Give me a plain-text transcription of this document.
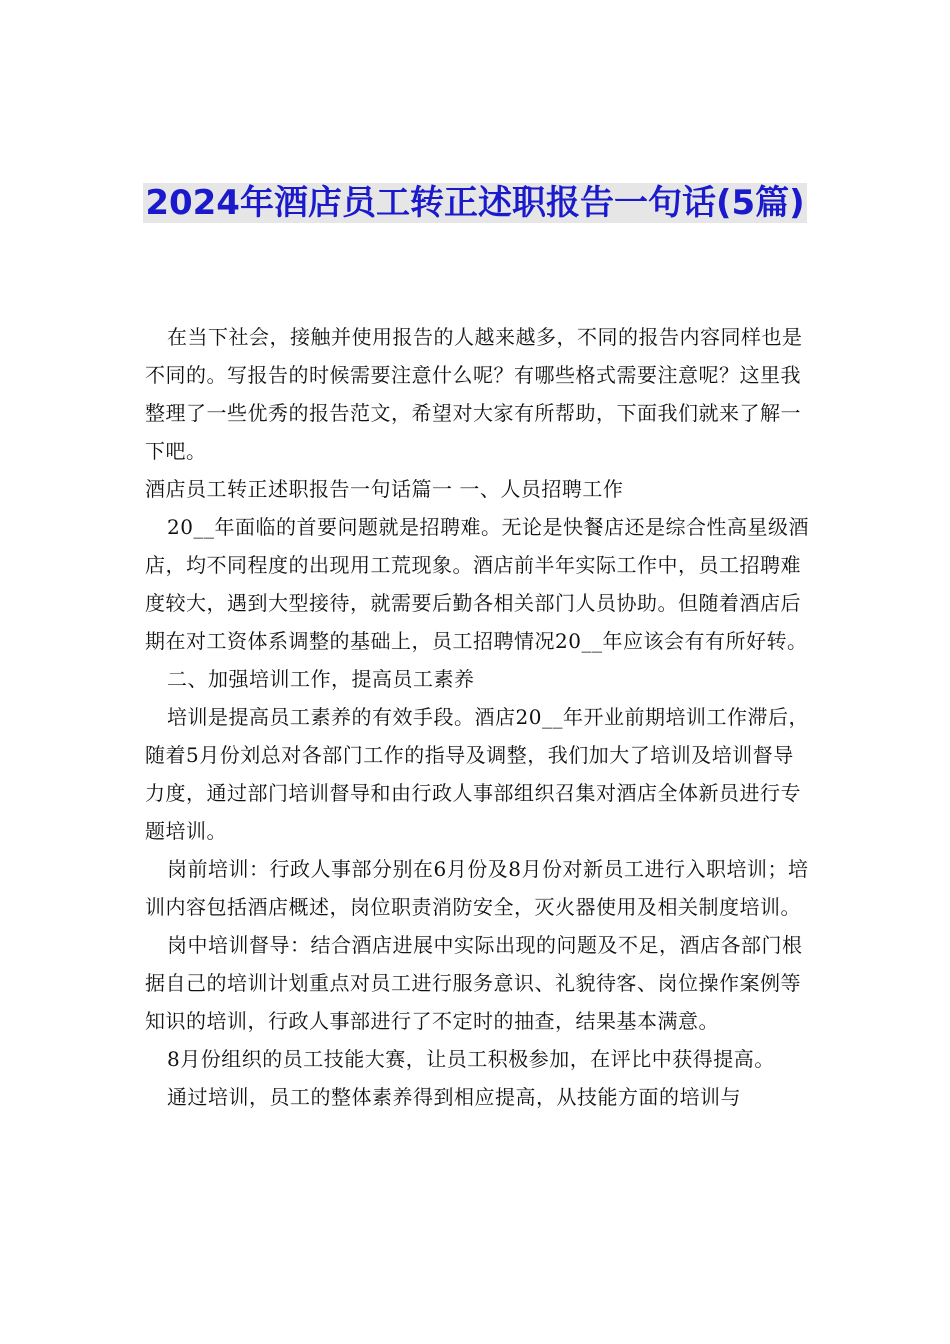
2024年酒店员工转正述职报告一句话(5篇)

在当下社会，接触并使用报告的人越来越多，不同的报告内容同样也是不同的。写报告的时候需要注意什么呢？有哪些格式需要注意呢？这里我整理了一些优秀的报告范文，希望对大家有所帮助，下面我们就来了解一下吧。

酒店员工转正述职报告一句话篇一 一、人员招聘工作

20__年面临的首要问题就是招聘难。无论是快餐店还是综合性高星级酒店，均不同程度的出现用工荒现象。酒店前半年实际工作中，员工招聘难度较大，遇到大型接待，就需要后勤各相关部门人员协助。但随着酒店后期在对工资体系调整的基础上，员工招聘情况20__年应该会有有所好转。

二、加强培训工作，提高员工素养

培训是提高员工素养的有效手段。酒店20__年开业前期培训工作滞后，随着5月份刘总对各部门工作的指导及调整，我们加大了培训及培训督导力度，通过部门培训督导和由行政人事部组织召集对酒店全体新员进行专题培训。

岗前培训：行政人事部分别在6月份及8月份对新员工进行入职培训；培训内容包括酒店概述，岗位职责消防安全，灭火器使用及相关制度培训。

岗中培训督导：结合酒店进展中实际出现的问题及不足，酒店各部门根据自己的培训计划重点对员工进行服务意识、礼貌待客、岗位操作案例等知识的培训，行政人事部进行了不定时的抽查，结果基本满意。

8月份组织的员工技能大赛，让员工积极参加，在评比中获得提高。

通过培训，员工的整体素养得到相应提高，从技能方面的培训与
